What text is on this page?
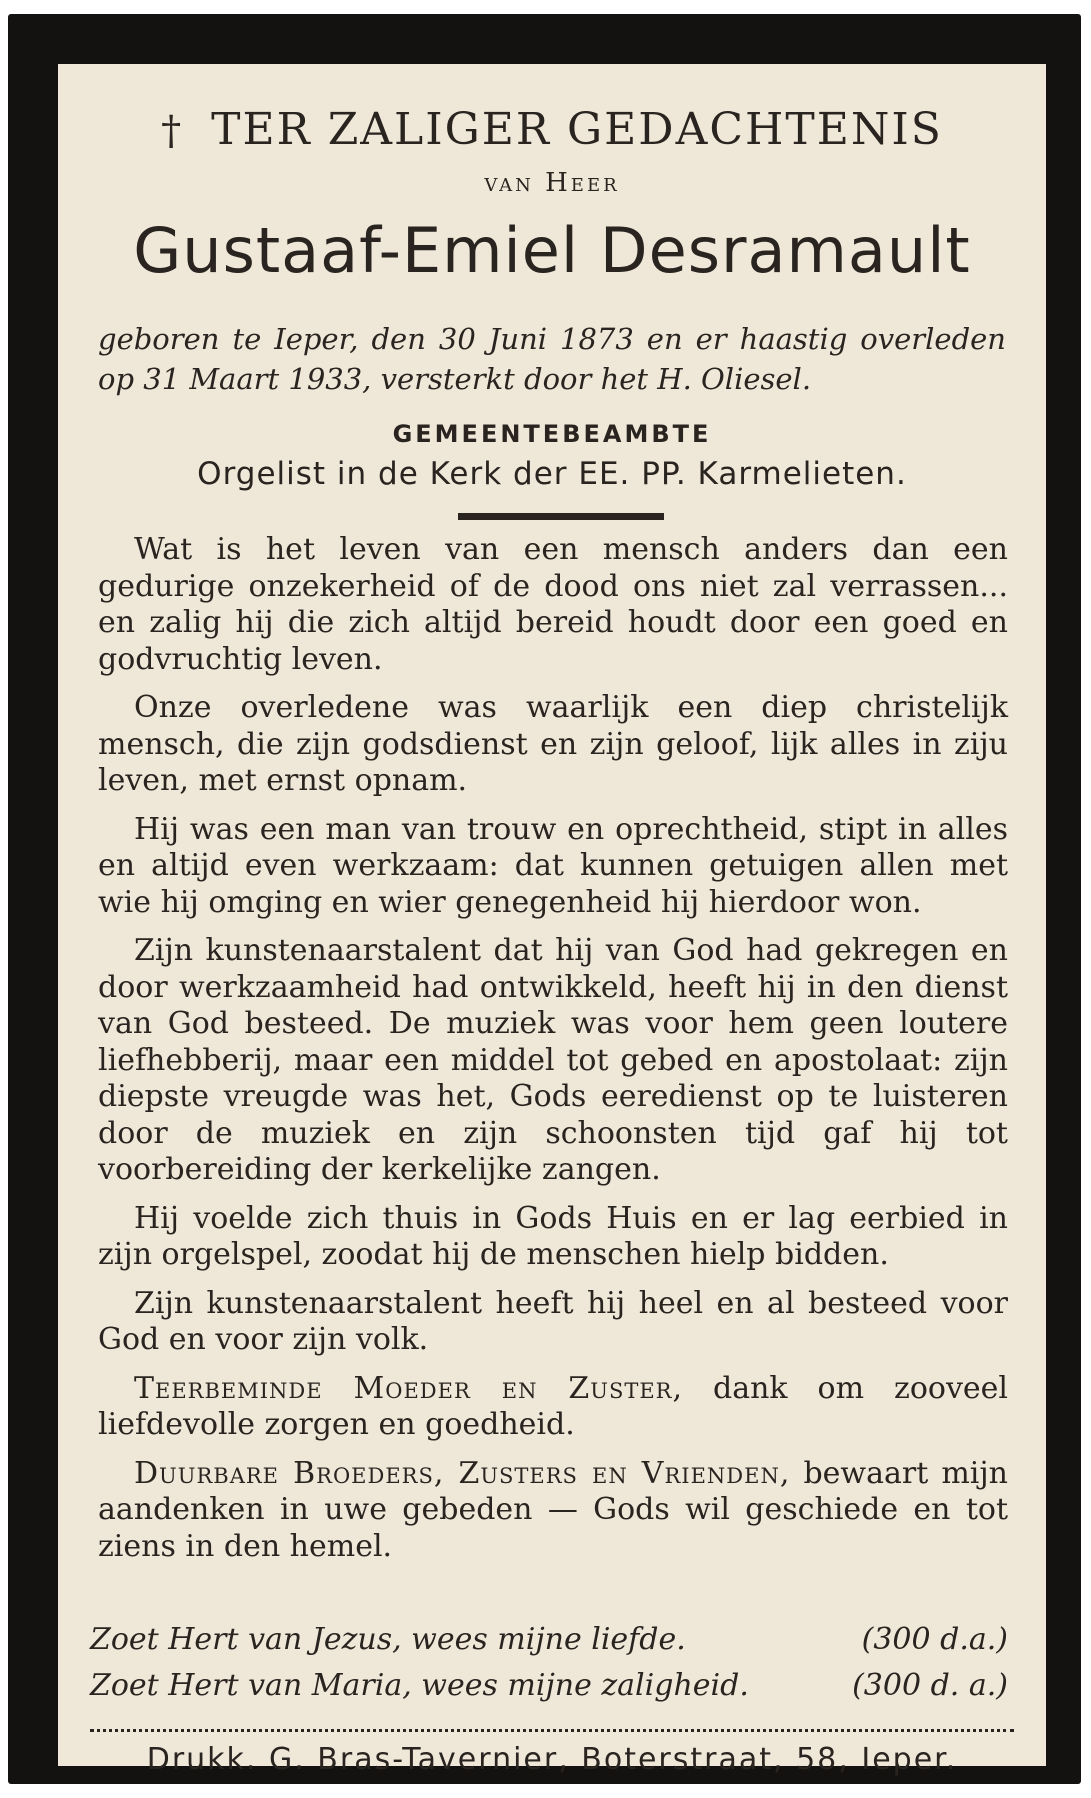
† TER ZALIGER GEDACHTENIS
van Heer
Gustaaf-Emiel Desramault
geboren te Ieper, den 30 Juni 1873 en er haastig overleden op 31 Maart 1933, versterkt door het H. Oliesel.
GEMEENTEBEAMBTE
Orgelist in de Kerk der EE. PP. Karmelieten.

Wat is het leven van een mensch anders dan een gedurige onzekerheid of de dood ons niet zal verrassen... en zalig hij die zich altijd bereid houdt door een goed en godvruchtig leven.

Onze overledene was waarlijk een diep christelijk mensch, die zijn godsdienst en zijn geloof, lijk alles in ziju leven, met ernst opnam.

Hij was een man van trouw en oprechtheid, stipt in alles en altijd even werkzaam: dat kunnen getuigen allen met wie hij omging en wier genegenheid hij hierdoor won.

Zijn kunstenaarstalent dat hij van God had gekregen en door werkzaamheid had ontwikkeld, heeft hij in den dienst van God besteed. De muziek was voor hem geen loutere liefhebberij, maar een middel tot gebed en apostolaat: zijn diepste vreugde was het, Gods eeredienst op te luisteren door de muziek en zijn schoonsten tijd gaf hij tot voorbereiding der kerkelijke zangen.

Hij voelde zich thuis in Gods Huis en er lag eerbied in zijn orgelspel, zoodat hij de menschen hielp bidden.

Zijn kunstenaarstalent heeft hij heel en al besteed voor God en voor zijn volk.

Teerbeminde Moeder en Zuster, dank om zooveel liefdevolle zorgen en goedheid.

Duurbare Broeders, Zusters en Vrienden, bewaart mijn aandenken in uwe gebeden — Gods wil geschiede en tot ziens in den hemel.

Zoet Hert van Jezus, wees mijne liefde.	(300 d.a.)
Zoet Hert van Maria, wees mijne zaligheid.	(300 d. a.)
Drukk. G. Bras-Tavernier, Boterstraat, 58, Ieper.
